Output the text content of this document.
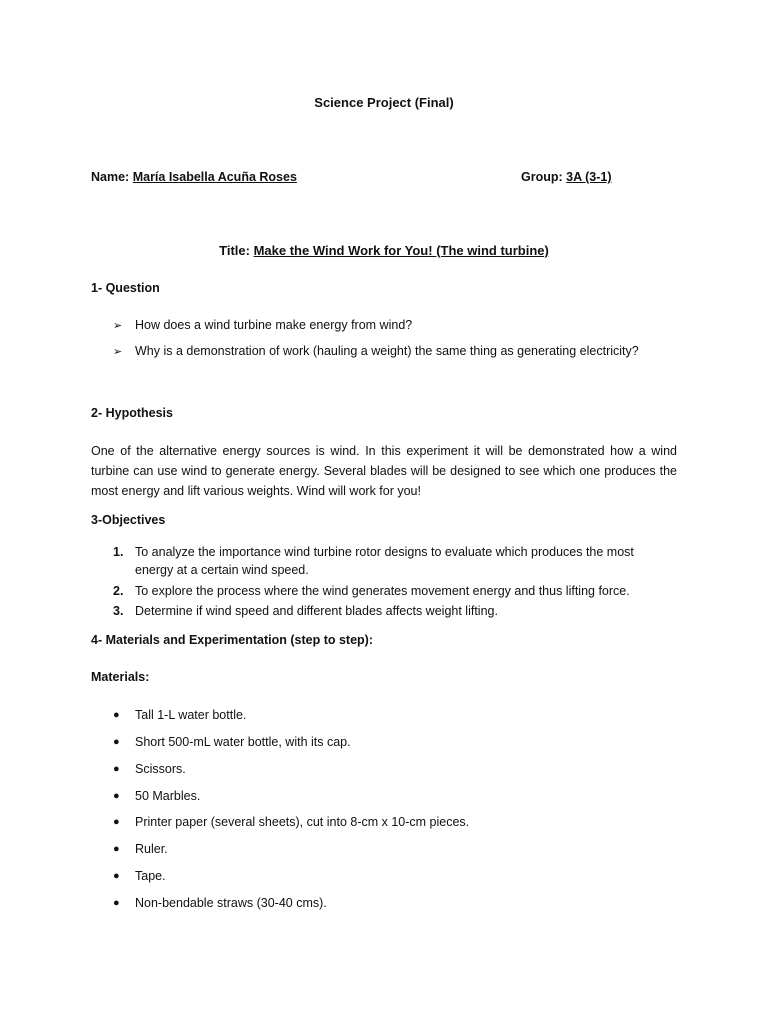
Science Project (Final)
Name: María Isabella Acuña Roses	Group: 3A (3-1)
Title: Make the Wind Work for You! (The wind turbine)
1- Question
➢	How does a wind turbine make energy from wind?
➢	Why is a demonstration of work (hauling a weight) the same thing as generating electricity?
2- Hypothesis
One of the alternative energy sources is wind. In this experiment it will be demonstrated how a wind turbine can use wind to generate energy. Several blades will be designed to see which one produces the most energy and lift various weights. Wind will work for you!
3-Objectives
1. To analyze the importance wind turbine rotor designs to evaluate which produces the most energy at a certain wind speed.
2. To explore the process where the wind generates movement energy and thus lifting force.
3. Determine if wind speed and different blades affects weight lifting.
4- Materials and Experimentation (step to step):
Materials:
●	Tall 1-L water bottle.
●	Short 500-mL water bottle, with its cap.
●	Scissors.
●	50 Marbles.
●	Printer paper (several sheets), cut into 8-cm x 10-cm pieces.
●	Ruler.
●	Tape.
●	Non-bendable straws (30-40 cms).
